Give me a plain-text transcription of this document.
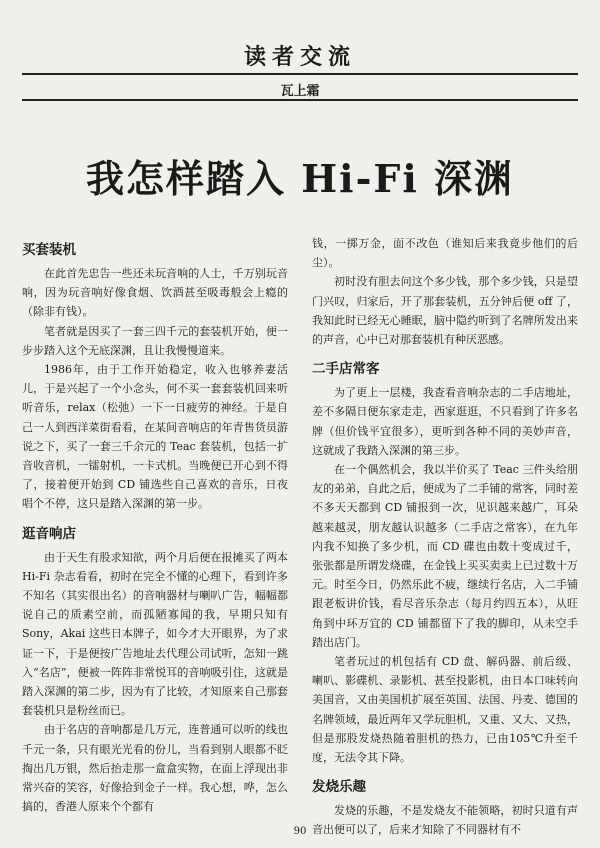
读者交流
瓦上霜
我怎样踏入 Hi-Fi 深渊
买套装机

在此首先忠告一些还未玩音响的人士，千万别玩音响，因为玩音响好像食烟、饮酒甚至吸毒般会上瘾的（除非有钱）。

笔者就是因买了一套三四千元的套装机开始，便一步步踏入这个无底深渊，且让我慢慢道来。

1986年，由于工作开始稳定，收入也够养妻活儿，于是兴起了一个小念头，何不买一套套装机回来听听音乐，relax（松弛）一下一日疲劳的神经。于是自己一人到西洋菜街看看，在某间音响店的年青售货员游说之下，买了一套三千余元的 Teac 套装机，包括一扩音收音机，一镭射机，一卡式机。当晚便已开心到不得了，接着便开始到 CD 铺选些自己喜欢的音乐，日夜唱个不停，这只是踏入深渊的第一步。

逛音响店

由于天生有股求知欲，两个月后便在报摊买了两本 Hi-Fi 杂志看看，初时在完全不懂的心理下，看到许多不知名（其实很出名）的音响器材与喇叭广告，幅幅都说自己的质素空前，而孤陋寡闻的我，早期只知有 Sony，Akai 这些日本牌子，如今才大开眼界，为了求证一下，于是便按广告地址去代理公司试听，怎知一跳入“名店”，便被一阵阵非常悦耳的音响吸引住，这就是踏入深渊的第二步，因为有了比较，才知原来自己那套套装机只是粉丝而已。

由于名店的音响都是几万元，连普通可以听的线也千元一条，只有眼光光看的份儿，当看到别人眼都不眨掏出几万银，然后抬走那一盒盒实物，在面上浮现出非常兴奋的笑容，好像拾到金子一样。我心想，哗，怎么搞的，香港人原来个个都有

钱，一掷万金，面不改色（谁知后来我竟步他们的后尘）。

初时没有胆去问这个多少钱，那个多少钱，只是望门兴叹，归家后，开了那套装机，五分钟后便 off 了，我知此时已经无心睡眠，脑中隐约听到了名牌所发出来的声音，心中已对那套装机有种厌恶感。

二手店常客

为了更上一层楼，我查看音响杂志的二手店地址，差不多隔日便东家走走，西家逛逛，不只看到了许多名牌（但价钱平宜很多），更听到各种不同的美妙声音，这就成了我踏入深渊的第三步。

在一个偶然机会，我以半价买了 Teac 三件头给朋友的弟弟，自此之后，便成为了二手铺的常客，同时差不多天天都到 CD 铺报到一次，见识越来越广，耳朵越来越灵，朋友越认识越多（二手店之常客），在九年内我不知换了多少机，而 CD 碟也由数十变成过千，张张都是所谓发烧碟，在金钱上买买卖卖上已过数十万元。时至今日，仍然乐此不疲，继续行名店，入二手铺跟老板讲价钱，看尽音乐杂志（每月约四五本），从旺角到中环万宜的 CD 铺都留下了我的脚印，从未空手踏出店门。

笔者玩过的机包括有 CD 盘、解码器、前后级、喇叭、影碟机、录影机、甚至投影机，由日本口味转向美国音，又由美国机扩展至英国、法国、丹麦、德国的名牌领域，最近两年又学玩胆机，又重、又大、又热，但是那股发烧热随着胆机的热力，已由105℃升至千度，无法令其下降。

发烧乐趣

发烧的乐趣，不是发烧友不能领略，初时只道有声音出便可以了，后来才知除了不同器材有不

90
